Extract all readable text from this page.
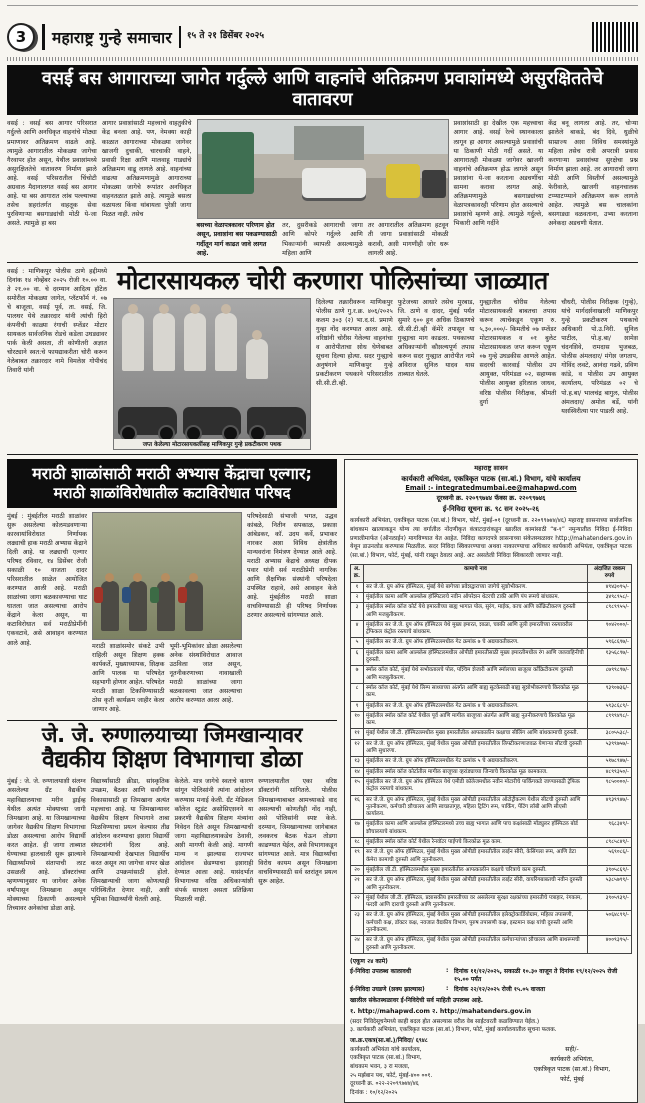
3	महाराष्ट्र गुन्हे समाचार	१५ ते २१ डिसेंबर २०२५
वसई बस आगाराच्या जागेत गर्दुल्ले आणि वाहनांचे अतिक्रमण प्रवाशांमध्ये असुरक्षिततेचे वातावरण
वसई : वसई बस आगार परिसरात गर्दुल्ले आणि अनधिकृत वाहनांचे मोठ्या प्रमाणावर अतिक्रमण वाढले आहे. त्यामुळे आगारातील मोकळ्या जागेचा गैरवापर होत असून, येथील प्रवाशांमध्ये असुरक्षिततेचे वातावरण निर्माण झाले आहे. वसई परिसरातील चिंचोटी अग्रवाल मैदानालगत वसई बस आगार आहे. या बस आगारात लांब पल्ल्याच्या तसेच शहरांतर्गत वाहतूक सेवा पुरविणाऱ्या बसगाड्यांची मोठी ये-जा असते. त्यामुळे हा बस
आगार प्रवाशांसाठी महत्त्वाचे वाहतुकीचे केंद्र बनला आहे. पण, नेमक्या काही काळात आगाराच्या मोकळ्या जागेवर खाजगी दुचाकी, चारचाकी वाहने, प्रवासी रिक्षा आणि मालवाहू गाड्यांचे अतिक्रमण वाढू लागले आहे. वाहनांच्या वाढत्या अतिक्रमणामुळे आगाराच्या मोकळ्या जागेचे रूपांतर अनधिकृत वाहनतळात झाले आहे. त्यामुळे बसला वळायला किंवा थांबायला पुरेशी जागा मिळत नाही. तसेच
बसच्या वेळापत्रकावर परिणाम होत असून, प्रवाशांना बस पकडण्यासाठी गर्दीतून मार्ग काढत जावे लागत आहे.
तर, दुसरीकडे आगाराची जागा आणि कोपरे गर्दुल्ले आणि भिकाऱ्यांनी व्यापली असल्यामुळे महिला आणि
तर आगारातील अतिक्रमण हटवून ती जागा प्रवाशांसाठी मोकळी करावी, अशी मागणीही जोर धरू लागली आहे.
प्रवाशांसाठी हा देखील एक महत्त्वाचा आगार आहे. वसई रेल्वे स्थानकाला लागून हा आगार असल्यामुळे प्रवाशांची या ठिकाणी मोठी गर्दी असते. या आगारातही मोकळ्या जागेवर खाजगी वाहनांचे अतिक्रमण होऊ लागले असून प्रवाशांना ये-जा करताना अडचणींचा सामना करावा लागत आहे. अतिक्रमणामुळे बसगाड्यांच्या वेळापत्रकावरही परिणाम होत असल्याचे प्रवाशांचे म्हणणे आहे. त्यामुळे गर्दुल्ले, भिकारी आणि गर्दीने
केंद्र बनू लागला आहे. तर, चोऱ्या झालेले बाकडे, बंद दिवे, धुळीचे साम्राज्य अशा विविध समस्यांमुळे महिला तसेच रात्री अपरात्री प्रवास करणाऱ्या प्रवाशांच्या सुरक्षेचा प्रश्न निर्माण झाला आहे. तर आगाराची जागा मोठी आणि विस्तीर्ण असल्यामुळे फेरीवाले, खाजगी वाहनचालक टप्प्याटप्प्याने अतिक्रमण करू लागले आहेत. त्यामुळे बस चालकांना बसगाड्या वळवताना, उभ्या करताना अनेकदा अडचणी येतात.
वसई : माणिकपुर पोलीस ठाणे हद्दीमध्ये दिनांक १४ नोव्हेंबर २०२५ रोजी १०.०० वा. ते २१.०० वा. चे दरम्यान आदित्य हॉटेल समोरील मोकळ्या जागेत, प्लॅटफॉर्म नं. ०७ चे बाजूला, वसई पूर्व, ता. वसई, जि. पालघर येथे तक्रारदार यांनी त्यांची हिरो कंपनीची काळ्या रंगाची स्प्लेंडर मोटार सायकल सार्वजनिक रोडचे कडेला उघड्यावर पार्क केली असता, ती कोणीतरी अज्ञात चोरट्याने स्वत:चे फायद्याकरीता चोरी करून नेलेबाबत तक्रारदार नामे विमलेश गोपीचंद तिवारी यांनी
मोटारसायकल चोरी करणारा पोलिसांच्या जाळ्यात
जप्त केलेल्या मोटारसायकलींसह माणिकपुर गुन्हे प्रकटीकरण पथक
दिलेल्या तक्रारीवरून माणिकपुर पोलीस ठाणे गु.र.क्र. ४०६/२०२५ कलम ३०३ (२) भा.द.सं. प्रमाणे गुन्हा नोंद करण्यात आला आहे. वरिष्ठांनी चोरीस गेलेल्या वाहनांचा व आरोपीताचा शोध घेणेबाबत सूचना दिल्या होत्या. सदर गुन्ह्याचे अनुषंगाने माणिकपुर गुन्हे प्रकटीकरण पथकाने परिसरातील सी.सी.टी.व्ही.
फुटेजच्या आधारे तसेच मुरबाड, जि. ठाणे व दादर, मुंबई पर्यंत सुमारे ६०० हून अधिक ठिकाणचे सी.सी.टी.व्ही कॅमेरे तपासून या गुन्ह्याचा माग काढला. पथकाच्या अधिकाऱ्यांनी कौशल्यपूर्ण तपास करून सदर गुन्ह्यात आरोपीत नामे अविराज सुनिल यादव यास ताब्यात घेतले.
गुन्ह्यातील चोरीस गेलेल्या मोटारसायकली बाबतचा तपास करून त्याचेकडून एकूण रु. ५,३०,०००/- किमतीचे ०७ स्प्लेंडर मोटारसायकल व ०१ बुलेट मोटारसायकल जप्त करून एकूण ०७ गुन्हे उघडकीस आणले आहेत. सदरची कारवाई पोलीस उप आयुक्त, परिमंडळ ०२, सहाय्यक पोलीस आयुक्त हरिलाल जाधव, वरिष्ठ पोलीस निरीक्षक, श्रीमती दुर्गा
चौधरी, पोलीस निरीक्षक (गुन्हे), यांचे मार्गदर्शनाखाली माणिकपुर गुन्हे प्रकटीकरण पथकाचे अधिकारी पो.उ.निरी. सुनिल पाटील, पो.ह.बा/ शामेश चंदनशिवे, रामदास भुजबळ, पोलीस अंमलदार/ मंगेश जगताप, गोविंद लवटे, आनंदा गढवे, प्रविण कांडे, व पोलीस उप आयुक्त कार्यालय, परिमंडळ ०२ चे पो.ह.बा/ भालचंद्र बागुल, पोलीस अंमलदार/ अमोल बर्डे, यांनी यशस्विरीत्या पार पाडली आहे.
मराठी शाळांसाठी मराठी अभ्यास केंद्राचा एल्गार;
मराठी शाळांविरोधातील कटाविरोधात परिषद
मुंबई : मुंबईतील मराठी शाळांवर सुरू असलेल्या कोलमडवणाऱ्या कारवायांविरोधात निर्णायक लढ्याची हाक मराठी अभ्यास केंद्राने दिली आहे. या लढ्याची एल्गार परिषद रविवार, १४ डिसेंबर रोजी सकाळी १० वाजता दादर परिसरातील शाळेत आयोजित करण्यात आली आहे. मराठी शाळांच्या जागा बळकावण्याचा घाट घातला जात असल्याचा आरोप केंद्राने केला असून, या कटाविरोधात सर्व मराठीप्रेमींनी एकवटावे, असे आवाहन करण्यात आले आहे.	मराठी शाळांसमोर संकटे उभी राहिली असून शिक्षण हक्क कार्यकर्ते, मुख्याध्यापक, शिक्षक आणि पालक या परिषदेत सहभागी होणार आहेत. परिषदेत मराठी शाळा टिकविण्यासाठी ठोस कृती कार्यक्रम जाहीर केला जाणार आहे.
भूमी-भूमिकांवर डोळा असलेल्या अनेक संस्थांविरोधात आवाज उठविला जात असून, नूतनीकरणाच्या नावाखाली मराठी शाळांच्या जागा बळकावल्या जात असल्याचा आरोप करण्यात आला आहे.
परिषदेसाठी संभाजी भगत, उद्धव कांबळे, नितीन सपकाळ, प्रकाश आंबेडकर, कॉ. उदय कर्वे, प्रभाकर नारकर अशा विविध क्षेत्रांतील मान्यवरांना निमंत्रण देण्यात आले आहे. मराठी अभ्यास केंद्राचे अध्यक्ष दीपक पवार यांनी सर्व मराठीप्रेमी नागरिक आणि शैक्षणिक संस्थांनी परिषदेला उपस्थित राहावे, असे आवाहन केले आहे. मुंबईतील मराठी शाळा वाचविण्यासाठी ही परिषद निर्णायक ठरणार असल्याचे सांगण्यात आले.
जे. जे. रुग्णालयाच्या जिमखान्यावर
वैद्यकीय शिक्षण विभागाचा डोळा
मुंबई : जे. जे. रुग्णालयाशी संलग्न असलेल्या ग्रँट वैद्यकीय महाविद्यालयाचा मरीन ड्राईव्ह येथील अत्यंत मोक्याच्या जागी जिमखाना आहे. या जिमखान्याच्या जागेवर वैद्यकीय शिक्षण विभागाचा डोळा असल्याचा आरोप विद्यार्थी करत आहेत. ही जागा ताब्यात घेण्याच्या हालचाली सुरू झाल्याने विद्यार्थ्यांमध्ये संतापाची लाट उसळली आहे. डॉक्टरांच्या म्हणण्यानुसार या जागेवर अनेक वर्षांपासून जिमखाना असून मोक्याच्या ठिकाणी असल्याने तिच्यावर अनेकांचा डोळा आहे.
विद्यार्थ्यांसाठी क्रीडा, सांस्कृतिक उपक्रम, बैठका आणि सर्वांगीण विकासासाठी हा जिमखाना अत्यंत महत्त्वाचा आहे. या जिमखान्यावर वैद्यकीय शिक्षण विभागाने ताबा मिळविण्याचा प्रयत्न केल्यास तीव्र आंदोलन करण्याचा इशारा विद्यार्थी संघटनांनी दिला आहे. जिमखान्याची देखभाल विद्यार्थीच करत असून त्या जागेचा वापर खेळ आणि उपक्रमांसाठी होतो. जिमखान्याची जागा कोणत्याही परिस्थितीत देणार नाही, अशी भूमिका विद्यार्थ्यांनी घेतली आहे.
केलेले. मात्र जागेचे स्वतःचे कारण सांगून पोलिसांनी त्यांना आंदोलन करण्यास मनाई केली. ग्रँट मेडिकल कॉलेज स्टुडंट असोसिएशनने या प्रकरणी वैद्यकीय शिक्षण मंत्र्यांना निवेदन दिले असून जिमखान्याची जागा महाविद्यालयाकडेच ठेवावी, अशी मागणी केली आहे. मागणी मान्य न झाल्यास राज्यभर आंदोलन छेडण्याचा इशाराही देण्यात आला आहे. यासंदर्भात विभागाच्या वरिष्ठ अधिकाऱ्यांशी संपर्क साधला असता प्रतिक्रिया मिळाली नाही.
रुग्णालयातील एका वरिष्ठ डॉक्टरांनी सांगितले. पोलीस जिमखान्याबाबत आमच्याकडे वाद असल्याची कोणतीही नोंद नाही, असे पोलिसांनी स्पष्ट केले. दरम्यान, जिमखान्याच्या जागेबाबत लवकरच बैठक घेऊन तोडगा काढण्यात येईल, असे विभागाकडून सांगण्यात आले. मात्र विद्यार्थ्यांचा विरोध कायम असून जिमखाना वाचविण्यासाठी सर्व स्तरांतून प्रयत्न सुरू आहेत.
महाराष्ट्र शासन
कार्यकारी अभियंता, एकत्रिकृत पाटक (सा.बां.) विभाग, यांचे कार्यालय
Email :- integratedmumbai.ee@mahapwd.com
दूरध्वनी क्र. २२०९९७४४ फॅक्स क्र. २२०९९७४६
ई-निविदा सूचना क्र. ९८ सन २०२५-२६
कार्यकारी अभियंता, एकत्रिकृत पाटक (सा.बां.) विभाग, फोर्ट, मुंबई-०१ (दूरध्वनी क्र. २२०९९७४४/४६) महाराष्ट्र शासनाच्या सार्वजनिक बांधकाम खात्याकडून योग्य त्या वर्गातील नोंदणीकृत कंत्राटदारांकडून खालील कामांसाठी “ब-१” नमुन्यातील निविदा ई-निविदा प्रणालीमार्फत (ऑनलाईन) मागविण्यात येत आहेत. निविदा कागदपत्रे शासनाच्या संकेतस्थळावर http://mahatenders.gov.in येथून डाउनलोड करण्यास मिळतील. सदर निविदा स्विकारण्याचा अथवा नाकारण्याचा अधिकार कार्यकारी अभियंता, एकत्रिकृत पाटक (सा.बां.) विभाग, फोर्ट, मुंबई, यांनी राखून ठेवला आहे. अट असलेली निविदा स्विकारली जाणार नाही.
अ. क्र.	कामाचे नाव	अंदाजित रक्कम रुपये
१	सर जे.जे. ग्रुप ऑफ हॉस्पिटल, मुंबई येथे बागेच्या प्रवेशद्वाराच्या जागेचे सुशोभीकरण.	४९४३०९५/-
२	मुंबईतील कामा आणि आल्ब्लेस हॉस्पिटलचे नवीन ऑपरेशन थेटरची टाकी आणि पंप रूमचे बांधकाम.	३४९८९५८/-
३	मुंबईतील स्मॉल कॉज कोर्ट येथे इमारतीच्या बाह्य भागात पोल, सुरंग, माईक, काच आणि काँक्रिटीकरण दुरुस्ती आणि मजबुतीकरण.	८९८९९५५/-
४	मुंबईतील सर जे.जे. ग्रुप ऑफ हॉस्पिटल येथे मुख्य इमारत, शाळा, चक्की आणि तुली इमारतीच्या रस्त्यावरील ट्रॅफिकल कंट्रोल रस्त्याचे बांधकाम.	९०४२०००/-
५	मुंबईतील सर जे.जे. ग्रुप ऑफ हॉस्पिटलमधील गेट क्रमांक ७ चे अद्ययावतीकरण.	५९६८६९७/-
६	मुंबईतील कामा आणि आल्ब्लेस हॉस्पिटलमधील ओपीडी इमारतीसाठी मुख्य इमारतीमधील रंग आणि जलवाहिनीची दुरुस्ती.	१३५६८९७/-
७	स्मॉल कॉज कोर्ट, मुंबई येथे सभोवतालचे पोल, पश्चिम शेजारी आणि स्मॉलच्या बाजूला काँक्रिटीकरण दुरुस्ती आणि मजबुतीकरण.	८७९९८९७/-
८	स्मॉल कॉज कोर्ट, मुंबई येथे लिम्प साध्याच्या अंतर्गत आणि बाह्य सुटकेसाठी बाह्य सुशोभीकरणाचे किरकोळ मूळ काम.	९३९०७३६/-
९	मुंबईतील सर जे.जे. ग्रुप ऑफ हॉस्पिटलमधील गेट क्रमांक ४ चे अद्ययावतीकरण.	५९३८६८९/-
१०	मुंबईतील स्मॉल कॉज कोर्ट येथील पूर्व आणि मागील बाजूच्या अंतर्गत आणि बाह्य नूतनीकरणाचे किरकोळ मूळ काम.	८९९९४९८/-
११	मुंबई येथील जी.टी. हॉस्पिटलमधील मुख्य इमारतीतील आपत्कालीन कक्षाचा सीलिंग आणि बांधकामाची दुरुस्ती.	३८०५५३८/-
१२	सर जे.जे. ग्रुप ऑफ हॉस्पिटल, मुंबई येथील मुख्य ओपीडी इमारतीतील लिफ्टीकरणाजवळ येणाऱ्या सीटची दुरुस्ती आणि सुधारणा.	५३९९७५७/-
१३	मुंबईतील सर जे.जे. ग्रुप ऑफ हॉस्पिटलमधील गेट क्रमांक ५ चे अद्ययावतीकरण.	५१७८९४७/-
१४	मुंबईतील स्मॉल कॉज कोर्टातील मागील बाजूच्या व्हरांड्याच्या जिन्याचे किरकोळ मूळ कामकाज.	४८९९३५०/-
१५	मुंबईतील सर जे.जे. ग्रुप ऑफ हॉस्पिटल येथे एमीडी कॉलेजमधील नवीन मोटारीचे पार्किंगकडे जाण्यासाठी ट्रॅफिक कंट्रोल रस्त्याचे बांधकाम.	९८५००००/-
१६	सर जे.जे. ग्रुप ऑफ हॉस्पिटल, मुंबई येथील मुख्य ओपीडी इमारतीतील ऑटोट्रीकरण येथील सीटची दुरुस्ती आणि नूतनीकरण, कर्मचारी शौचालय आणि स्वच्छतागृह, महिला ट्रिटिंग रूम, पार्किंग, पेंटिंग लॉबी आणि सीएसी कार्यालय.	४९३९९४७/-
१७	मुंबईतील कामा आणि आल्ब्लेस हॉस्पिटलमध्ये उच्च बाह्य भागात आणि पाच कक्षांसाठी मॉड्युलर हॉस्पिटल बोर्ड शौचालयाचे बांधकाम.	९६८३४९/-
१८	मुंबईतील स्मॉल कॉज कोर्ट येथील रेनवॉटर पाईपचे किरकोळ मूळ काम.	८९८५८४९/-
१९	सर जे.जे. ग्रुप ऑफ हॉस्पिटल, मुंबई येथील मुख्य ओपीडी इमारतीतील लाईन सीरी, केसिंगला रूम, आणि डेटा कॅमेरा कामाची दुरुस्ती आणि नूतनीकरण.	५६९०८६/-
२०	मुंबईतील जी.टी. हॉस्पिटलमधील मुख्य इमारतीतील आपत्कालीन कक्षाचे चरित्राचे काम दुरुस्ती.	३९०५८६९/-
२१	सर जे.जे. ग्रुप ऑफ हॉस्पिटल, मुंबई येथील मुख्य ओपीडी इमारतीतील लाईट सीरी, वायरिंगबाबतची नवीन दुरुस्ती आणि नूतनीकरण.	५३८५७९९/-
२२	मुंबई येथील जी.टी. हॉस्पिटल, प्रशासकीय इमारतीच्या वर असलेल्या सुरक्षा रक्षकांच्या इमारतीचे पत्राहार, रंगकाम, फरशी आणि दाराची दुरुस्ती आणि नूतनीकरण.	३९०५९३९/-
२३	सर जे.जे. ग्रुप ऑफ हॉस्पिटल, मुंबई येथील मुख्य ओपीडी इमारतीतील इलेक्ट्रोकार्डियोग्राम, महिला तपासणी, कर्मचारी कक्ष, डॉक्टर कक्ष, नवजात वैद्यकीय विभाग, पुरुष तपासणी कक्ष, इस्टमान कक्ष यांची दुरुस्ती आणि नूतनीकरण.	५०६४८९९/-
२४	सर जे.जे. ग्रुप ऑफ हॉस्पिटल, मुंबई येथील मुख्य ओपीडी इमारतीतील कर्मचाऱ्यांच्या शौचालय आणि बाथरूमची दुरुस्ती आणि नूतनीकरण.	४००९३९५/-
(एकूण २४ कामे)
ई-निविदा उपलब्ध कालावधी	: दिनांक ११/१२/२०२५, सकाळी १०.३० वाजून ते दिनांक १९/१२/२०२५ रोजी १५.०० पर्यंत
ई-निविदा उघडणे (शक्य झाल्यास)	: दिनांक २२/१२/२०२५ रोजी १५.०५ वाजता
खालील संकेतस्थळावर ई-निविदेची सर्व माहिती उपलब्ध आहे.
१. http://mahapwd.com २. http://mahatenders.gov.in
(सदर निविदेसूचनेमध्ये काही बदल होत असल्यास वरील वेब साईटवरती कळविण्यात येईल.)
३. कार्यकारी अभियंता, एकत्रिकृत पाटक (सा.बां.) विभाग, फोर्ट, मुंबई कार्यालयातील सूचना फलक.
जा.क्र.एकत्र(सा.बां.)/निविदा/ ६९४८
कार्यकारी अभियंता यांचे कार्यालय,
एकत्रिकृत पाटक (सा.बां.) विभाग,
बांधकाम भवन, ३ रा मजला,
२५ मर्झबान पथ, फोर्ट, मुंबई-४०० ००१.
दूरध्वनी क्र. ०२२-२२०९९७४४/४६
दिनांक : १०/१२/२०२५
सही/-
कार्यकारी अभियंता,
एकत्रिकृत पाटक (सा.बां.) विभाग,
फोर्ट, मुंबई
